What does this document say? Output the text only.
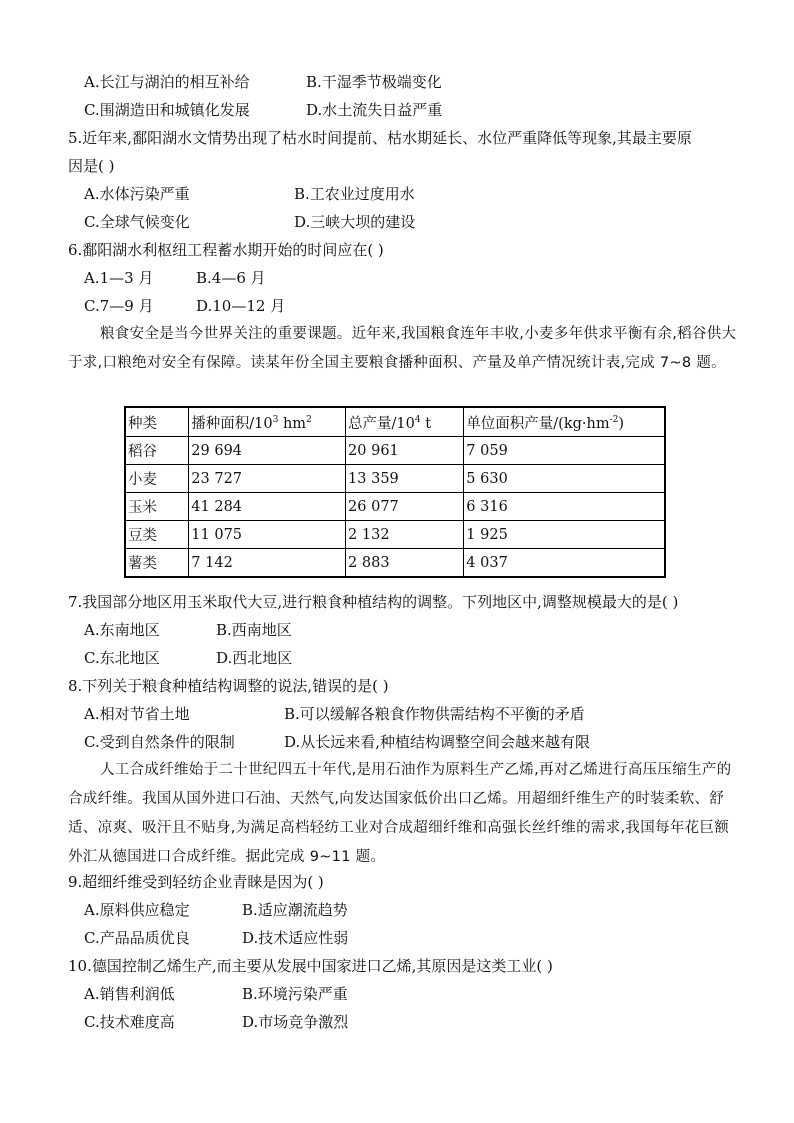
A.长江与湖泊的相互补给	B.干湿季节极端变化
C.围湖造田和城镇化发展	D.水土流失日益严重
5.近年来,鄱阳湖水文情势出现了枯水时间提前、枯水期延长、水位严重降低等现象,其最主要原
因是( )
A.水体污染严重	B.工农业过度用水
C.全球气候变化	D.三峡大坝的建设
6.鄱阳湖水利枢纽工程蓄水期开始的时间应在( )
A.1—3 月	B.4—6 月
C.7—9 月	D.10—12 月
粮食安全是当今世界关注的重要课题。近年来,我国粮食连年丰收,小麦多年供求平衡有余,稻谷供大于求,口粮绝对安全有保障。读某年份全国主要粮食播种面积、产量及单产情况统计表,完成 7~8 题。
种类	播种面积$/10^3$ $hm^2$	总产量$/10^4$ t	单位面积产量$/(kg\cdot hm^{-2})$
稻谷	29 694	20 961	7 059
小麦	23 727	13 359	5 630
玉米	41 284	26 077	6 316
豆类	11 075	2 132	1 925
薯类	7 142	2 883	4 037
7.我国部分地区用玉米取代大豆,进行粮食种植结构的调整。下列地区中,调整规模最大的是( )
A.东南地区	B.西南地区
C.东北地区	D.西北地区
8.下列关于粮食种植结构调整的说法,错误的是( )
A.相对节省土地	B.可以缓解各粮食作物供需结构不平衡的矛盾
C.受到自然条件的限制	D.从长远来看,种植结构调整空间会越来越有限
人工合成纤维始于二十世纪四五十年代,是用石油作为原料生产乙烯,再对乙烯进行高压压缩生产的合成纤维。我国从国外进口石油、天然气,向发达国家低价出口乙烯。用超细纤维生产的时装柔软、舒适、凉爽、吸汗且不贴身,为满足高档轻纺工业对合成超细纤维和高强长丝纤维的需求,我国每年花巨额外汇从德国进口合成纤维。据此完成 9~11 题。
9.超细纤维受到轻纺企业青睐是因为( )
A.原料供应稳定	B.适应潮流趋势
C.产品品质优良	D.技术适应性弱
10.德国控制乙烯生产,而主要从发展中国家进口乙烯,其原因是这类工业( )
A.销售利润低	B.环境污染严重
C.技术难度高	D.市场竞争激烈
